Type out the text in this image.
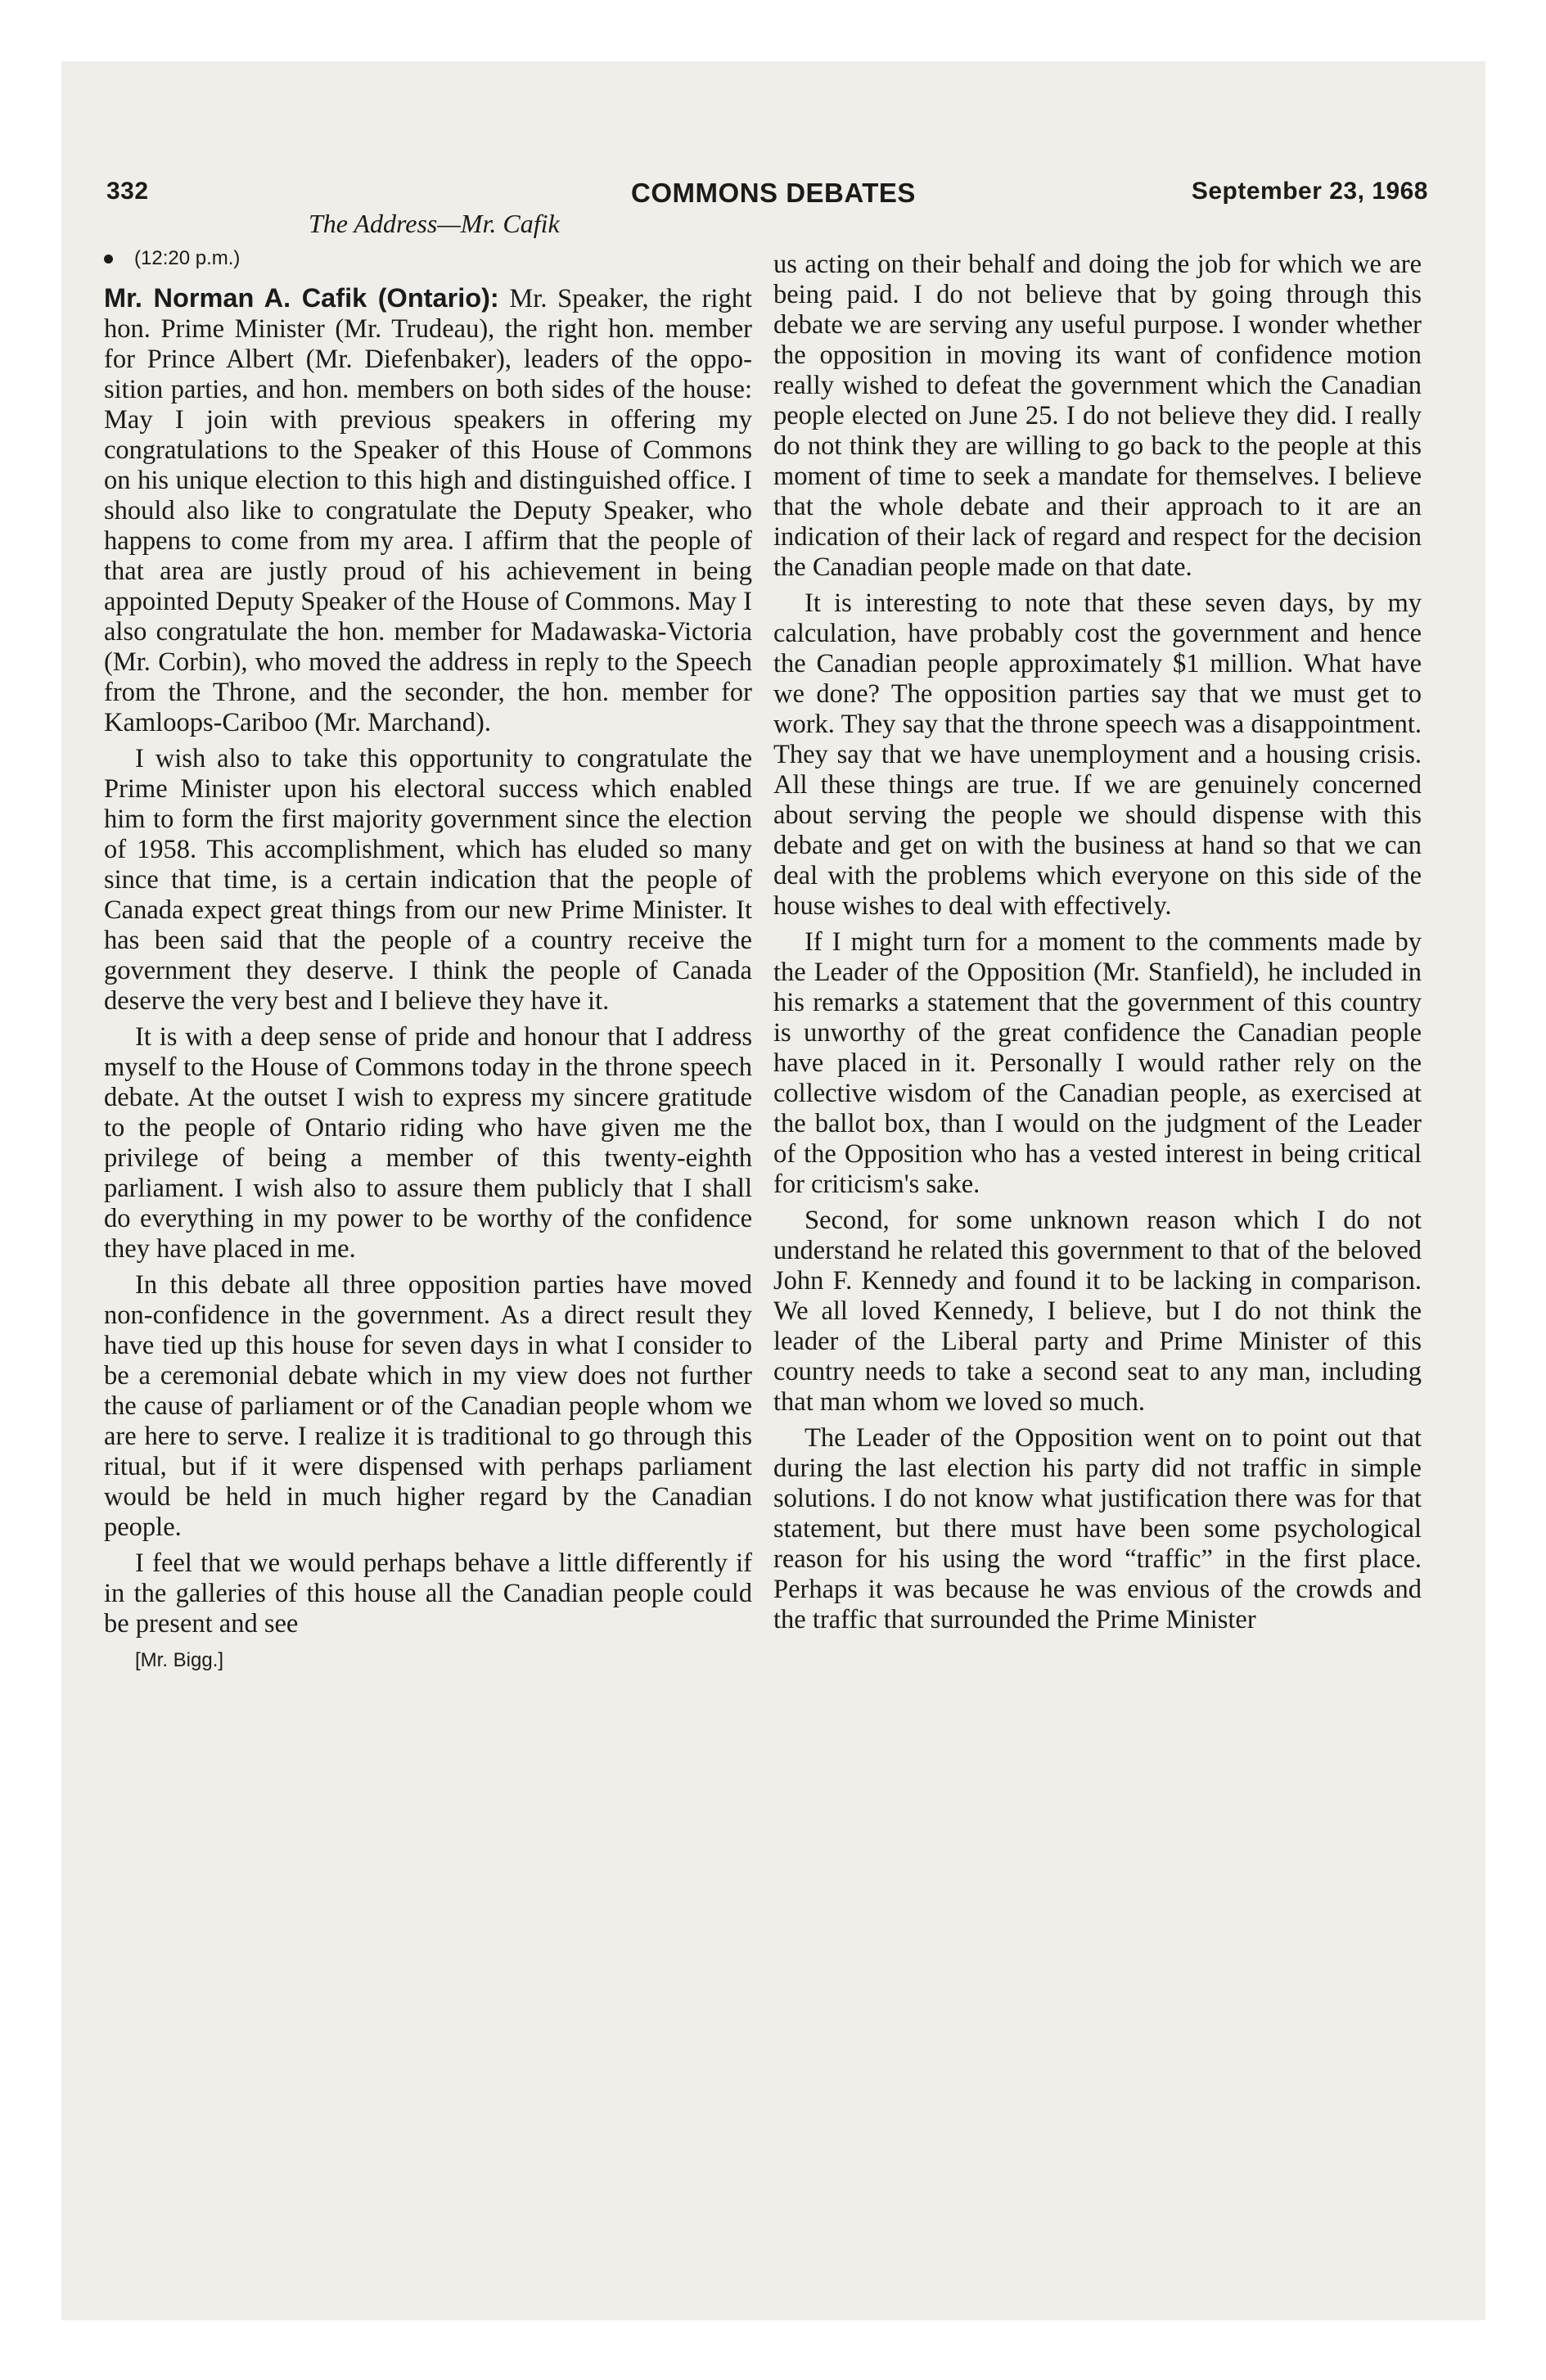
332	COMMONS DEBATES	September 23, 1968
The Address—Mr. Cafik
(12:20 p.m.)

Mr. Norman A. Cafik (Ontario): Mr. Speaker, the right hon. Prime Minister (Mr. Trudeau), the right hon. member for Prince Albert (Mr. Diefenbaker), leaders of the opposition parties, and hon. members on both sides of the house: May I join with previous speakers in offering my congratulations to the Speaker of this House of Commons on his unique election to this high and distinguished office. I should also like to congratulate the Deputy Speaker, who happens to come from my area. I affirm that the people of that area are justly proud of his achievement in being appointed Deputy Speaker of the House of Commons. May I also congratulate the hon. member for Madawaska-Victoria (Mr. Corbin), who moved the address in reply to the Speech from the Throne, and the seconder, the hon. member for Kamloops-Cariboo (Mr. Marchand).

I wish also to take this opportunity to congratulate the Prime Minister upon his electoral success which enabled him to form the first majority government since the election of 1958. This accomplishment, which has eluded so many since that time, is a certain indication that the people of Canada expect great things from our new Prime Minister. It has been said that the people of a country receive the government they deserve. I think the people of Canada deserve the very best and I believe they have it.

It is with a deep sense of pride and honour that I address myself to the House of Commons today in the throne speech debate. At the outset I wish to express my sincere gratitude to the people of Ontario riding who have given me the privilege of being a member of this twenty-eighth parliament. I wish also to assure them publicly that I shall do everything in my power to be worthy of the confidence they have placed in me.

In this debate all three opposition parties have moved non-confidence in the government. As a direct result they have tied up this house for seven days in what I consider to be a ceremonial debate which in my view does not further the cause of parliament or of the Canadian people whom we are here to serve. I realize it is traditional to go through this ritual, but if it were dispensed with perhaps parliament would be held in much higher regard by the Canadian people.

I feel that we would perhaps behave a little differently if in the galleries of this house all the Canadian people could be present and see

[Mr. Bigg.]

us acting on their behalf and doing the job for which we are being paid. I do not believe that by going through this debate we are serving any useful purpose. I wonder whether the opposition in moving its want of confidence motion really wished to defeat the government which the Canadian people elected on June 25. I do not believe they did. I really do not think they are willing to go back to the people at this moment of time to seek a mandate for themselves. I believe that the whole debate and their approach to it are an indication of their lack of regard and respect for the decision the Canadian people made on that date.

It is interesting to note that these seven days, by my calculation, have probably cost the government and hence the Canadian people approximately $1 million. What have we done? The opposition parties say that we must get to work. They say that the throne speech was a disappointment. They say that we have unemployment and a housing crisis. All these things are true. If we are genuinely concerned about serving the people we should dispense with this debate and get on with the business at hand so that we can deal with the problems which everyone on this side of the house wishes to deal with effectively.

If I might turn for a moment to the comments made by the Leader of the Opposition (Mr. Stanfield), he included in his remarks a statement that the government of this country is unworthy of the great confidence the Canadian people have placed in it. Personally I would rather rely on the collective wisdom of the Canadian people, as exercised at the ballot box, than I would on the judgment of the Leader of the Opposition who has a vested interest in being critical for criticism's sake.

Second, for some unknown reason which I do not understand he related this government to that of the beloved John F. Kennedy and found it to be lacking in comparison. We all loved Kennedy, I believe, but I do not think the leader of the Liberal party and Prime Minister of this country needs to take a second seat to any man, including that man whom we loved so much.

The Leader of the Opposition went on to point out that during the last election his party did not traffic in simple solutions. I do not know what justification there was for that statement, but there must have been some psychological reason for his using the word “traffic” in the first place. Perhaps it was because he was envious of the crowds and the traffic that surrounded the Prime Minister
